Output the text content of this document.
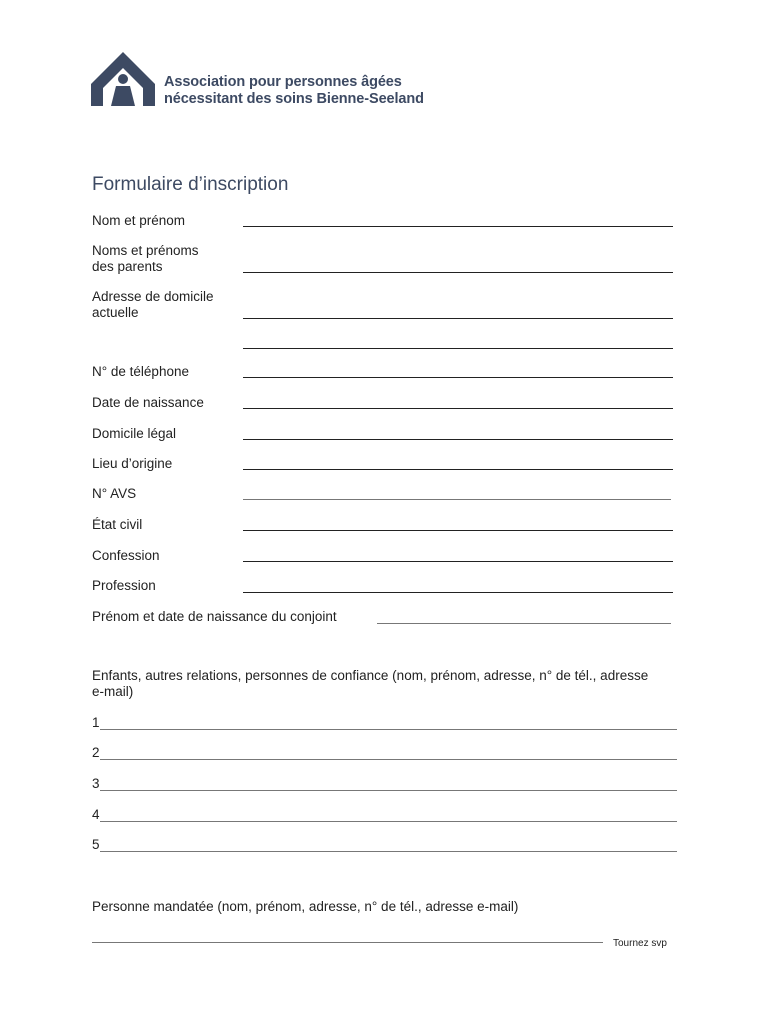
Association pour personnes âgées
nécessitant des soins Bienne-Seeland
Formulaire d’inscription
Nom et prénom
Noms et prénoms
des parents
Adresse de domicile
actuelle
N° de téléphone
Date de naissance
Domicile légal
Lieu d’origine
N° AVS
État civil
Confession
Profession
Prénom et date de naissance du conjoint
Enfants, autres relations, personnes de confiance (nom, prénom, adresse, n° de tél., adresse e-mail)
1
2
3
4
5
Personne mandatée (nom, prénom, adresse, n° de tél., adresse e-mail)
Tournez svp
